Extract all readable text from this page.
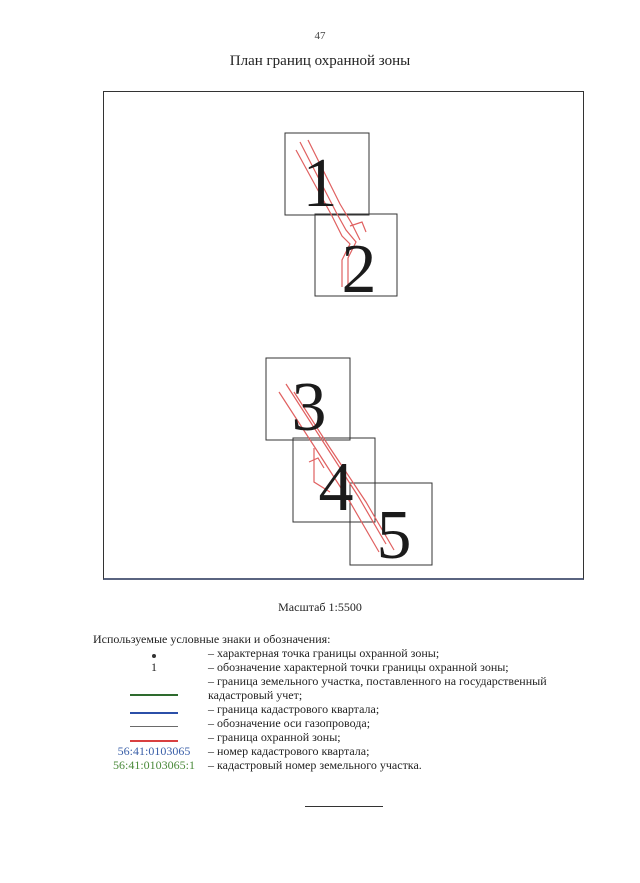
47
План границ охранной зоны
1
2
3
4
5
Масштаб 1:5500
Используемые условные знаки и обозначения:
– характерная точка границы охранной зоны;
1	– обозначение характерной точки границы охранной зоны;
– граница земельного участка, поставленного на государственный кадастровый учет;
– граница кадастрового квартала;
– обозначение оси газопровода;
– граница охранной зоны;
56:41:0103065	– номер кадастрового квартала;
56:41:0103065:1	– кадастровый номер земельного участка.
